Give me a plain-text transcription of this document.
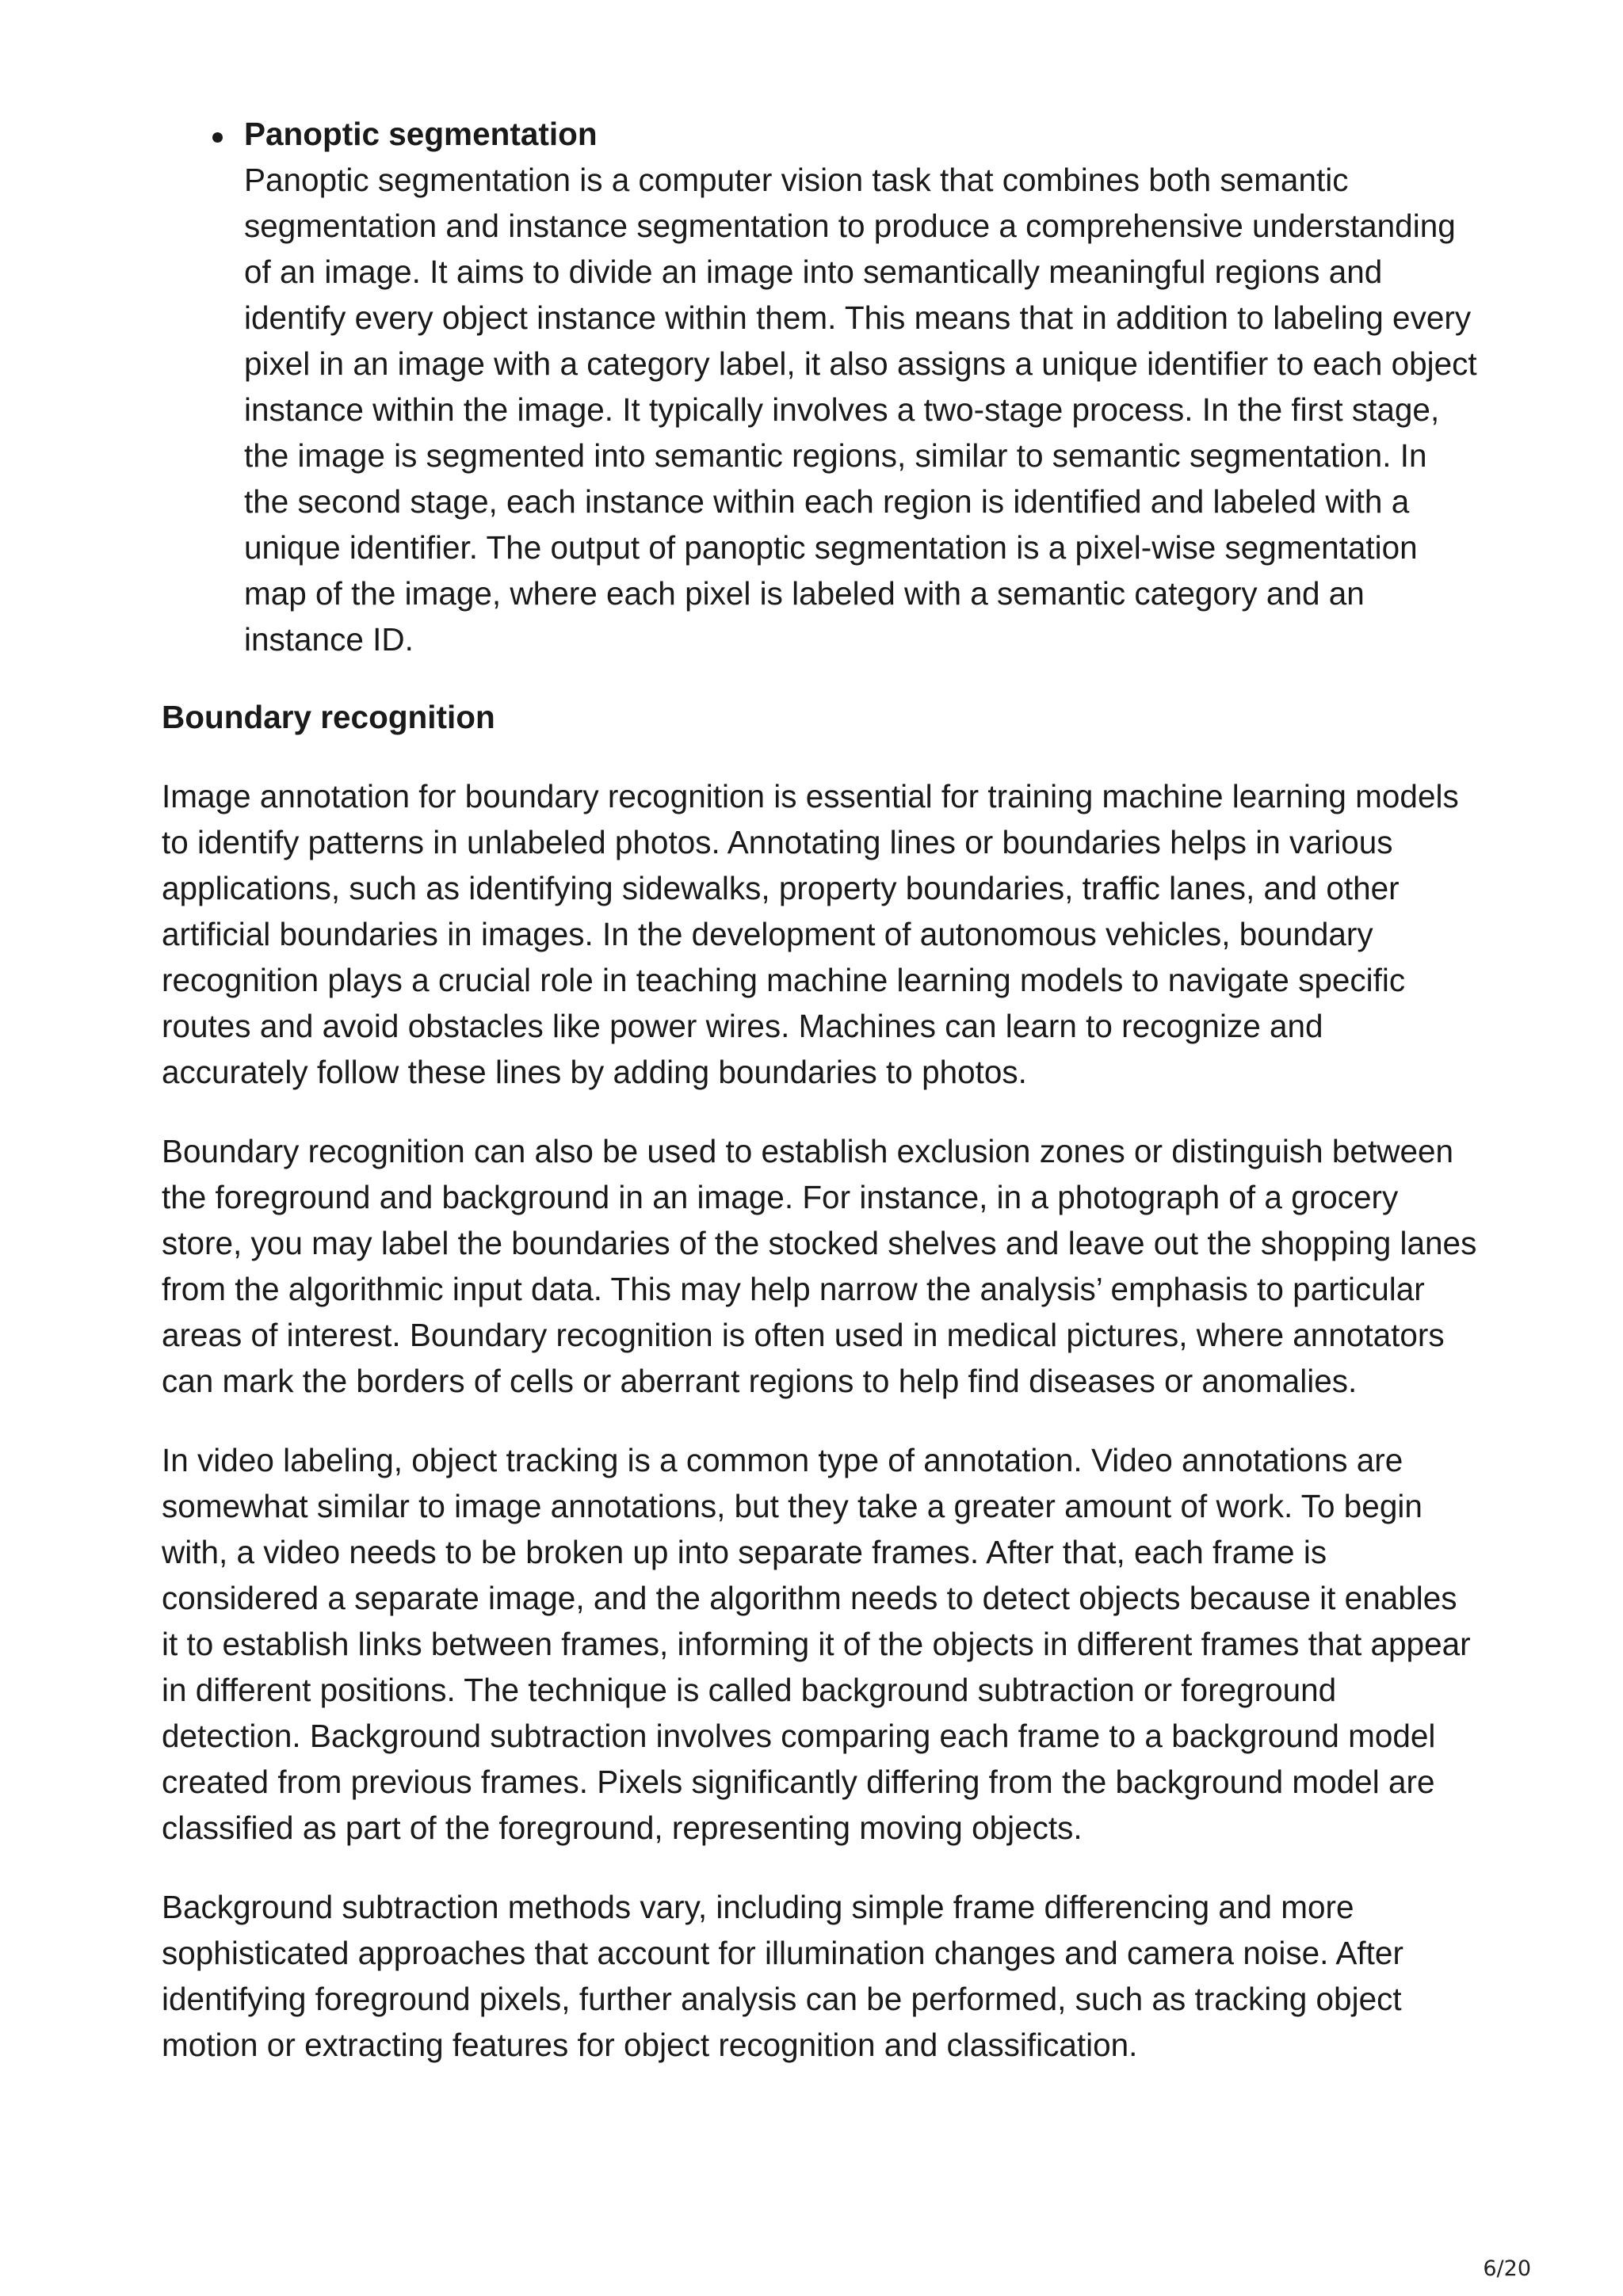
Panoptic segmentation
Panoptic segmentation is a computer vision task that combines both semantic segmentation and instance segmentation to produce a comprehensive understanding of an image. It aims to divide an image into semantically meaningful regions and identify every object instance within them. This means that in addition to labeling every pixel in an image with a category label, it also assigns a unique identifier to each object instance within the image. It typically involves a two-stage process. In the first stage, the image is segmented into semantic regions, similar to semantic segmentation. In the second stage, each instance within each region is identified and labeled with a unique identifier. The output of panoptic segmentation is a pixel-wise segmentation map of the image, where each pixel is labeled with a semantic category and an instance ID.
Boundary recognition

Image annotation for boundary recognition is essential for training machine learning models to identify patterns in unlabeled photos. Annotating lines or boundaries helps in various applications, such as identifying sidewalks, property boundaries, traffic lanes, and other artificial boundaries in images. In the development of autonomous vehicles, boundary recognition plays a crucial role in teaching machine learning models to navigate specific routes and avoid obstacles like power wires. Machines can learn to recognize and accurately follow these lines by adding boundaries to photos.

Boundary recognition can also be used to establish exclusion zones or distinguish between the foreground and background in an image. For instance, in a photograph of a grocery store, you may label the boundaries of the stocked shelves and leave out the shopping lanes from the algorithmic input data. This may help narrow the analysis’ emphasis to particular areas of interest. Boundary recognition is often used in medical pictures, where annotators can mark the borders of cells or aberrant regions to help find diseases or anomalies.

In video labeling, object tracking is a common type of annotation. Video annotations are somewhat similar to image annotations, but they take a greater amount of work. To begin with, a video needs to be broken up into separate frames. After that, each frame is considered a separate image, and the algorithm needs to detect objects because it enables it to establish links between frames, informing it of the objects in different frames that appear in different positions. The technique is called background subtraction or foreground detection. Background subtraction involves comparing each frame to a background model created from previous frames. Pixels significantly differing from the background model are classified as part of the foreground, representing moving objects.

Background subtraction methods vary, including simple frame differencing and more sophisticated approaches that account for illumination changes and camera noise. After identifying foreground pixels, further analysis can be performed, such as tracking object motion or extracting features for object recognition and classification.

6/20
